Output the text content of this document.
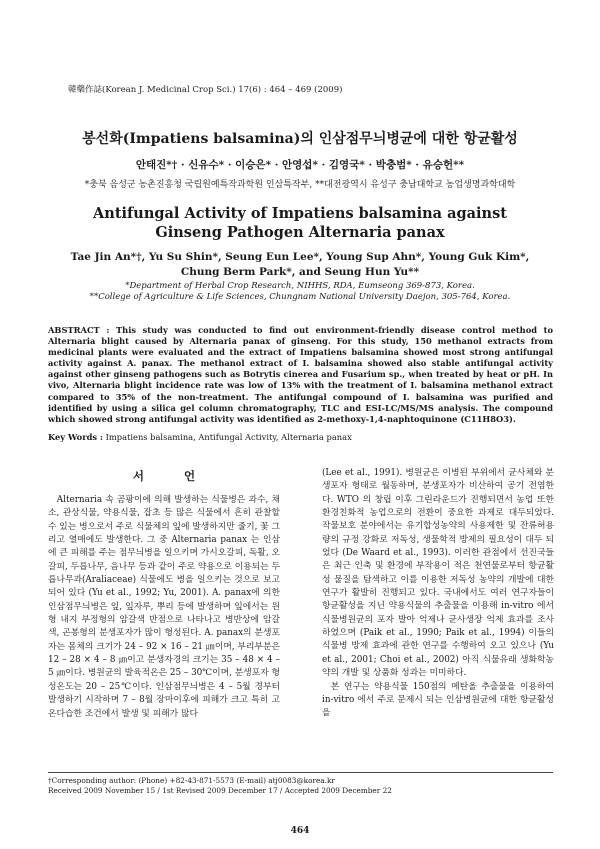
韓藥作誌(Korean J. Medicinal Crop Sci.) 17(6) : 464 – 469 (2009)
봉선화(Impatiens balsamina)의 인삼점무늬병균에 대한 항균활성
안태진*† · 신유수* · 이승은* · 안영섭* · 김영국* · 박충범* · 유승헌**
*충북 음성군 농촌진흥청 국립원예특작과학원 인삼특작부, **대전광역시 유성구 충남대학교 농업생명과학대학
Antifungal Activity of Impatiens balsamina against
Ginseng Pathogen Alternaria panax
Tae Jin An*†, Yu Su Shin*, Seung Eun Lee*, Young Sup Ahn*, Young Guk Kim*,
Chung Berm Park*, and Seung Hun Yu**
*Department of Herbal Crop Research, NIHHS, RDA, Eumseong 369-873, Korea.
**College of Agriculture & Life Sciences, Chungnam National University Daejon, 305-764, Korea.

ABSTRACT : This study was conducted to find out environment-friendly disease control method to Alternaria blight caused by Alternaria panax of ginseng. For this study, 150 methanol extracts from medicinal plants were evaluated and the extract of Impatiens balsamina showed most strong antifungal activity against A. panax. The methanol extract of I. balsamina showed also stable antifungal activity against other ginseng pathogens such as Botrytis cinerea and Fusarium sp., when treated by heat or pH. In vivo, Alternaria blight incidence rate was low of 13% with the treatment of I. balsamina methanol extract compared to 35% of the non-treatment. The antifungal compound of I. balsamina was purified and identified by using a silica gel column chromatography, TLC and ESI-LC/MS/MS analysis. The compound which showed strong antifungal activity was identified as 2-methoxy-1,4-naphtoquinone (C11H8O3).

Key Words : Impatiens balsamina, Antifungal Activity, Alternaria panax

서 언

Alternaria 속 곰팡이에 의해 발생하는 식물병은 과수, 채소, 관상식물, 약용식물, 잡초 등 많은 식물에서 흔히 관찰할 수 있는 병으로서 주로 식물체의 잎에 발생하지만 줄기, 꽃 그리고 열매에도 발생한다. 그 중 Alternaria panax 는 인삼에 큰 피해를 주는 점무늬병을 일으키며 가시오갈피, 독활, 오갈피, 두릅나무, 음나무 등과 같이 주로 약용으로 이용되는 두릅나무과(Araliaceae) 식물에도 병을 일으키는 것으로 보고되어 있다 (Yu et al., 1992; Yu, 2001). A. panax에 의한 인삼점무늬병은 잎, 잎자루, 뿌리 등에 발생하며 잎에서는 원형 내지 부정형의 암갈색 반점으로 나타나고 병반상에 암갈색, 곤봉형의 분생포자가 많이 형성된다. A. panax의 분생포자는 몸체의 크기가 24 – 92 × 16 – 21 ㎛이며, 부리부분은 12 – 28 × 4 – 8 ㎛이고 분생자경의 크기는 35 – 48 × 4 – 5 ㎛이다. 병원균의 발육적온은 25 – 30℃이며, 분생포자 형성온도는 20 – 25℃이다. 인삼점무늬병은 4 – 5월 경부터 발생하기 시작하며 7 – 8월 장마이후에 피해가 크고 특히 고온다습한 조건에서 발생 및 피해가 많다

(Lee et al., 1991). 병원균은 이병된 부위에서 균사체와 분생포자 형태로 월동하며, 분생포자가 비산하여 공기 전염한다. WTO 의 창립 이후 그린라운드가 진행되면서 농업 또한 환경친화적 농업으로의 전환이 중요한 과제로 대두되었다. 작물보호 분야에서는 유기합성농약의 사용제한 및 잔류허용량의 규정 강화로 저독성, 생물학적 방제의 필요성이 대두 되었다 (De Waard et al., 1993). 이러한 관점에서 선진국들은 최근 인축 및 환경에 부작용이 적은 천연물로부터 항균활성 물질을 탐색하고 이를 이용한 저독성 농약의 개발에 대한 연구가 활발히 진행되고 있다. 국내에서도 여러 연구자들이 항균활성을 지닌 약용식물의 추출물을 이용해 in-vitro 에서 식물병원균의 포자 발아 억제나 균사생장 억제 효과를 조사하였으며 (Paik et al., 1990; Paik et al., 1994) 이들의 식물병 방제 효과에 관한 연구를 수행하여 오고 있으나 (Yu et al., 2001; Choi et al., 2002) 아직 식물유래 생화학농약의 개발 및 상품화 성과는 미미하다.

본 연구는 약용식물 150점의 메탄올 추출물을 이용하여 in-vitro 에서 주로 문제시 되는 인삼병원균에 대한 항균활성을

†Corresponding author: (Phone) +82-43-871-5573 (E-mail) atj0083@korea.kr
Received 2009 November 15 / 1st Revised 2009 December 17 / Accepted 2009 December 22
464
